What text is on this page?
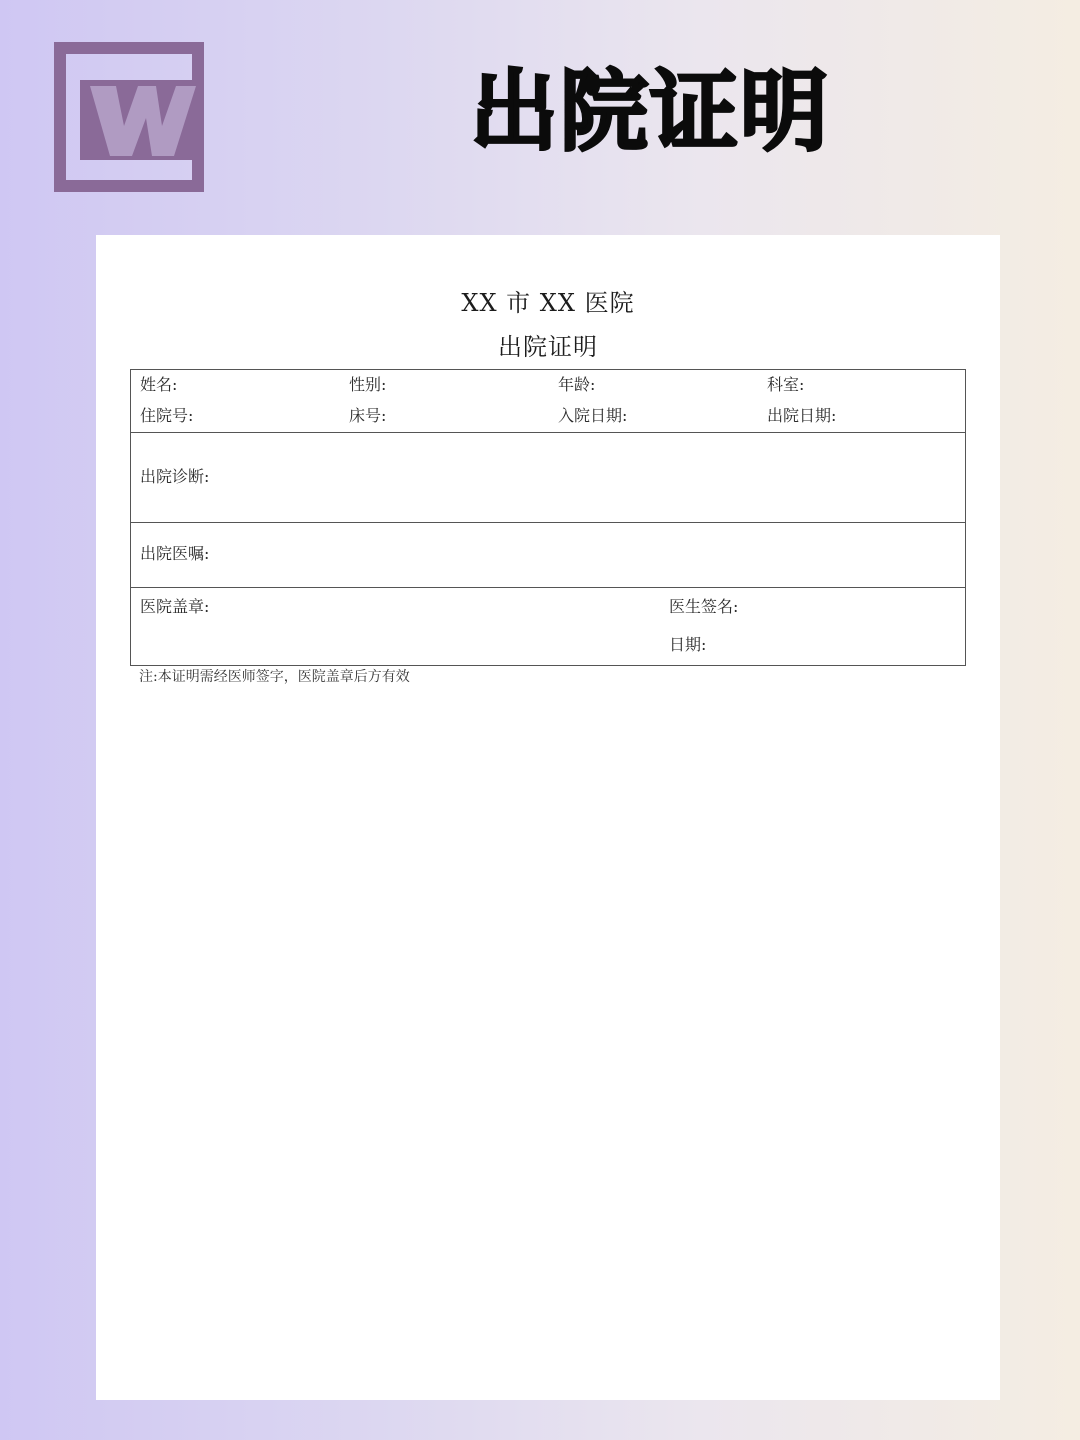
出院证明
XX 市 XX 医院
出院证明
姓名:	性别:	年龄:	科室:
住院号:	床号:	入院日期:	出院日期:
出院诊断:
出院医嘱:
医院盖章:	医生签名:
日期:
注:本证明需经医师签字，医院盖章后方有效
